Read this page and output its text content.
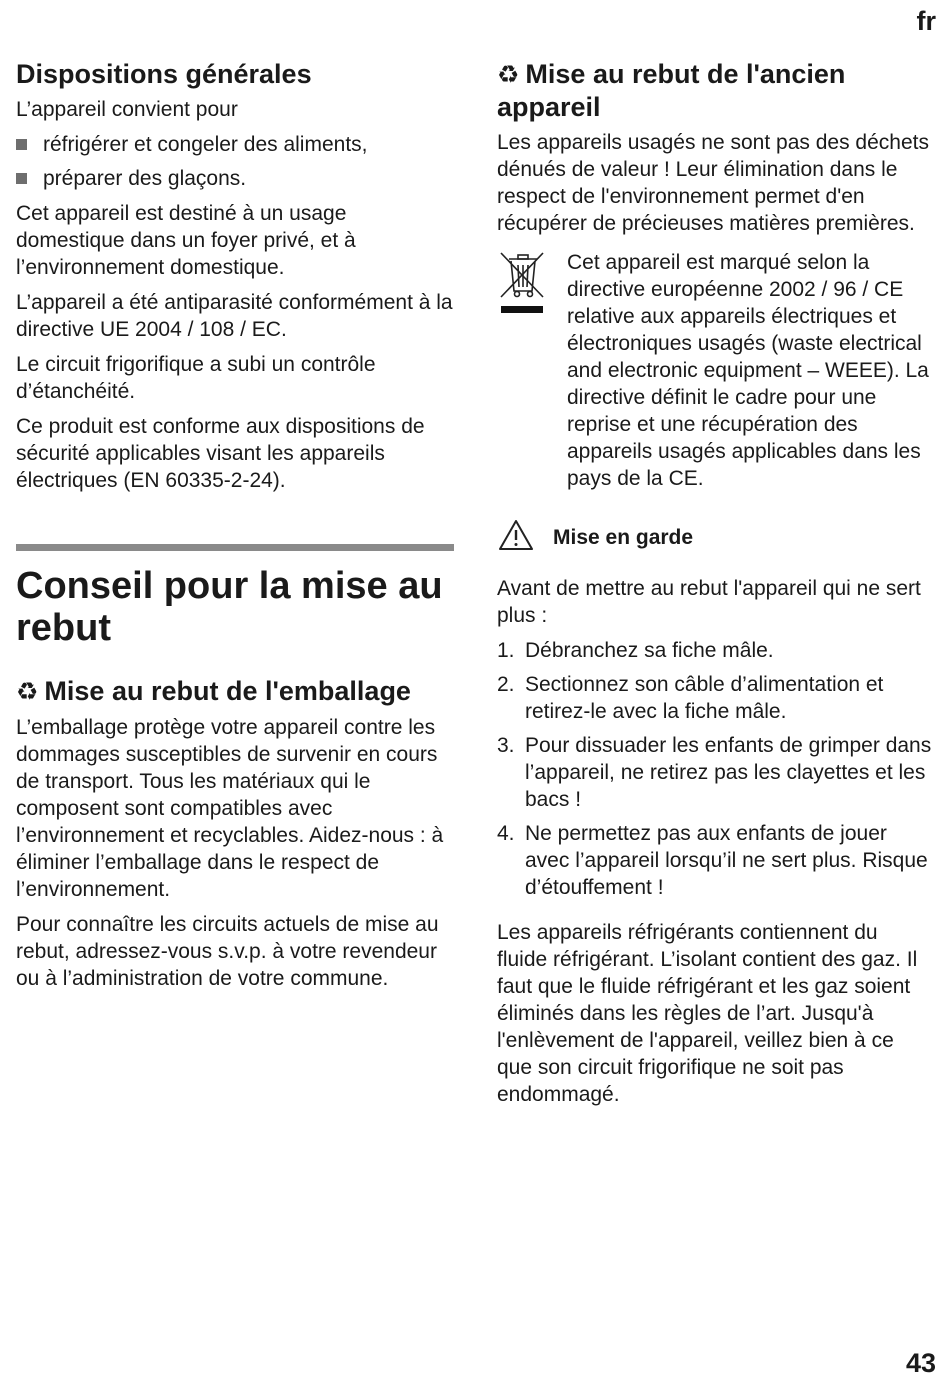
fr
Dispositions générales

L’appareil convient pour

réfrigérer et congeler des aliments,
préparer des glaçons.

Cet appareil est destiné à un usage domestique dans un foyer privé, et à l’environnement domestique.

L’appareil a été antiparasité conformément à la directive UE 2004 / 108 / EC.

Le circuit frigorifique a subi un contrôle d’étanchéité.

Ce produit est conforme aux dispositions de sécurité applicables visant les appareils électriques (EN 60335-2-24).

Conseil pour la mise au rebut
♻ Mise au rebut de l'emballage

L’emballage protège votre appareil contre les dommages susceptibles de survenir en cours de transport. Tous les matériaux qui le composent sont compatibles avec l’environnement et recyclables. Aidez-nous : à éliminer l’emballage dans le respect de l’environnement.

Pour connaître les circuits actuels de mise au rebut, adressez-vous s.v.p. à votre revendeur ou à l’administration de votre commune.

♻ Mise au rebut de l'ancien appareil

Les appareils usagés ne sont pas des déchets dénués de valeur ! Leur élimination dans le respect de l'environnement permet d'en récupérer de précieuses matières premières.

Cet appareil est marqué selon la directive européenne 2002 / 96 / CE relative aux appareils électriques et électroniques usagés (waste electrical and electronic equipment – WEEE). La directive définit le cadre pour une reprise et une récupération des appareils usagés applicables dans les pays de la CE.

Mise en garde

Avant de mettre au rebut l'appareil qui ne sert plus :

1. Débranchez sa fiche mâle.
2. Sectionnez son câble d’alimentation et retirez-le avec la fiche mâle.
3. Pour dissuader les enfants de grimper dans l’appareil, ne retirez pas les clayettes et les bacs !
4. Ne permettez pas aux enfants de jouer avec l’appareil lorsqu’il ne sert plus. Risque d’étouffement !

Les appareils réfrigérants contiennent du fluide réfrigérant. L’isolant contient des gaz. Il faut que le fluide réfrigérant et les gaz soient éliminés dans les règles de l’art. Jusqu'à l'enlèvement de l'appareil, veillez bien à ce que son circuit frigorifique ne soit pas endommagé.

43
